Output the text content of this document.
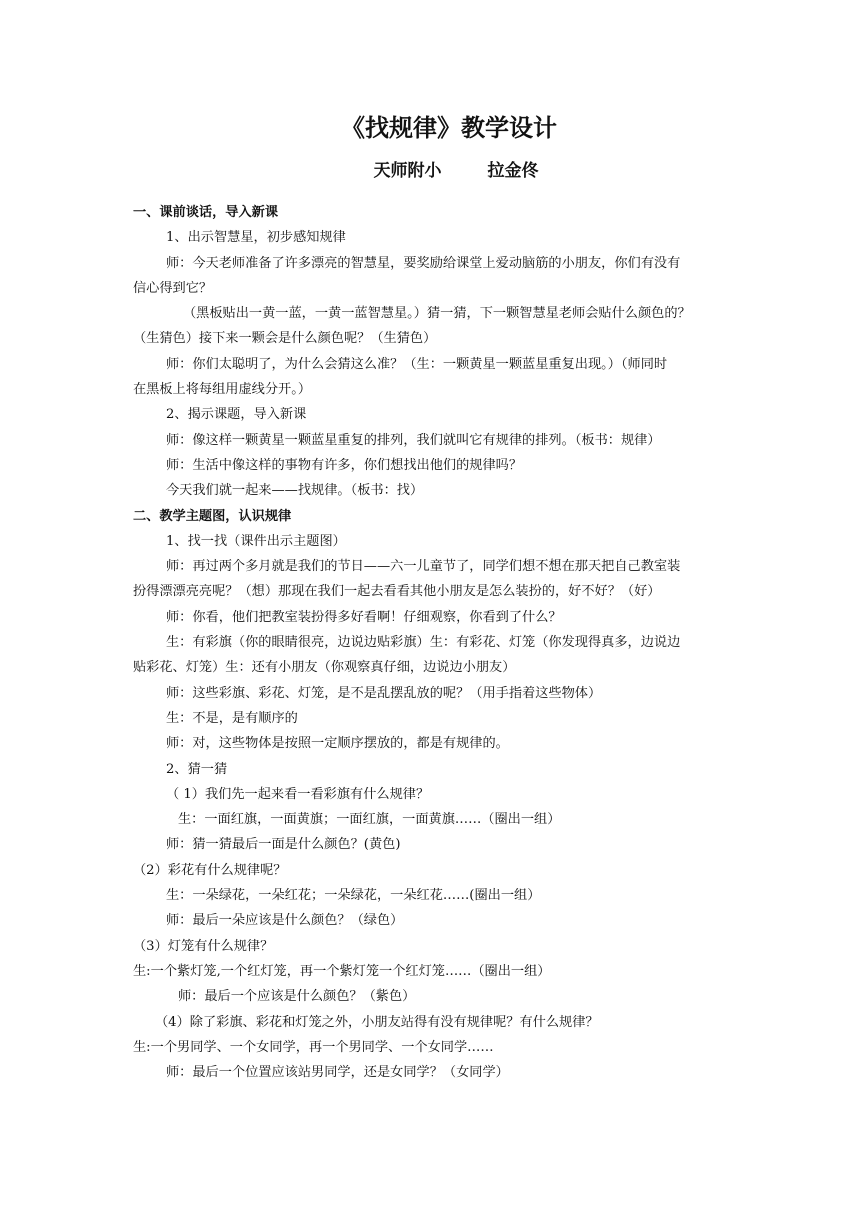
《找规律》教学设计
天师附小	拉金佟

一、课前谈话，导入新课

1、出示智慧星，初步感知规律

师：今天老师准备了许多漂亮的智慧星，要奖励给课堂上爱动脑筋的小朋友，你们有没有

信心得到它？

（黑板贴出一黄一蓝，一黄一蓝智慧星。）猜一猜，下一颗智慧星老师会贴什么颜色的？

（生猜色）接下来一颗会是什么颜色呢？（生猜色）

师：你们太聪明了，为什么会猜这么准？（生：一颗黄星一颗蓝星重复出现。）（师同时

在黑板上将每组用虚线分开。）

2、揭示课题，导入新课

师：像这样一颗黄星一颗蓝星重复的排列，我们就叫它有规律的排列。（板书：规律）

师：生活中像这样的事物有许多，你们想找出他们的规律吗？

今天我们就一起来——找规律。（板书：找）

二、教学主题图，认识规律

1、找一找（课件出示主题图）

师：再过两个多月就是我们的节日——六一儿童节了，同学们想不想在那天把自己教室装

扮得漂漂亮亮呢？（想）那现在我们一起去看看其他小朋友是怎么装扮的，好不好？（好）

师：你看，他们把教室装扮得多好看啊！仔细观察，你看到了什么？

生：有彩旗（你的眼睛很亮，边说边贴彩旗）生：有彩花、灯笼（你发现得真多，边说边

贴彩花、灯笼）生：还有小朋友（你观察真仔细，边说边小朋友）

师：这些彩旗、彩花、灯笼，是不是乱摆乱放的呢？（用手指着这些物体）

生：不是，是有顺序的

师：对，这些物体是按照一定顺序摆放的，都是有规律的。

2、猜一猜

（ 1）我们先一起来看一看彩旗有什么规律？

生：一面红旗，一面黄旗；一面红旗，一面黄旗……（圈出一组）

师：猜一猜最后一面是什么颜色？(黄色)

（2）彩花有什么规律呢？

生：一朵绿花，一朵红花；一朵绿花，一朵红花……(圈出一组）

师：最后一朵应该是什么颜色？（绿色）

（3）灯笼有什么规律？

生:一个紫灯笼,一个红灯笼，再一个紫灯笼一个红灯笼……（圈出一组）

师：最后一个应该是什么颜色？（紫色）

（4）除了彩旗、彩花和灯笼之外，小朋友站得有没有规律呢？有什么规律？

生:一个男同学、一个女同学，再一个男同学、一个女同学……

师：最后一个位置应该站男同学，还是女同学？（女同学）
